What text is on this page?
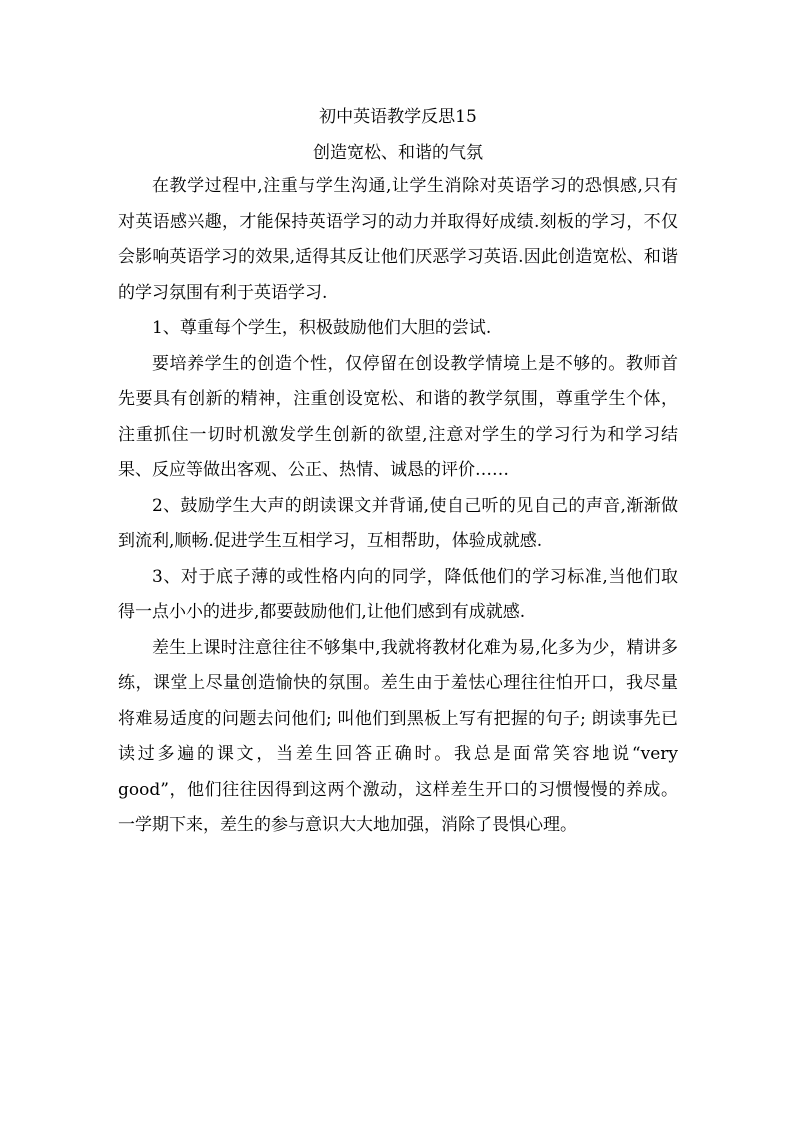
初中英语教学反思15
创造宽松、和谐的气氛

在教学过程中,注重与学生沟通,让学生消除对英语学习的恐惧感,只有对英语感兴趣，才能保持英语学习的动力并取得好成绩.刻板的学习，不仅会影响英语学习的效果,适得其反让他们厌恶学习英语.因此创造宽松、和谐的学习氛围有利于英语学习.

1、尊重每个学生，积极鼓励他们大胆的尝试.

要培养学生的创造个性，仅停留在创设教学情境上是不够的。教师首先要具有创新的精神，注重创设宽松、和谐的教学氛围，尊重学生个体，注重抓住一切时机激发学生创新的欲望,注意对学生的学习行为和学习结果、反应等做出客观、公正、热情、诚恳的评价……

2、鼓励学生大声的朗读课文并背诵,使自己听的见自己的声音,渐渐做到流利,顺畅.促进学生互相学习，互相帮助，体验成就感.

3、对于底子薄的或性格内向的同学，降低他们的学习标准,当他们取得一点小小的进步,都要鼓励他们,让他们感到有成就感.

差生上课时注意往往不够集中,我就将教材化难为易,化多为少，精讲多练，课堂上尽量创造愉快的氛围。差生由于羞怯心理往往怕开口，我尽量将难易适度的问题去问他们; 叫他们到黑板上写有把握的句子; 朗读事先已读过多遍的课文，当差生回答正确时。我总是面常笑容地说“very good”，他们往往因得到这两个激动，这样差生开口的习惯慢慢的养成。一学期下来，差生的参与意识大大地加强，消除了畏惧心理。
